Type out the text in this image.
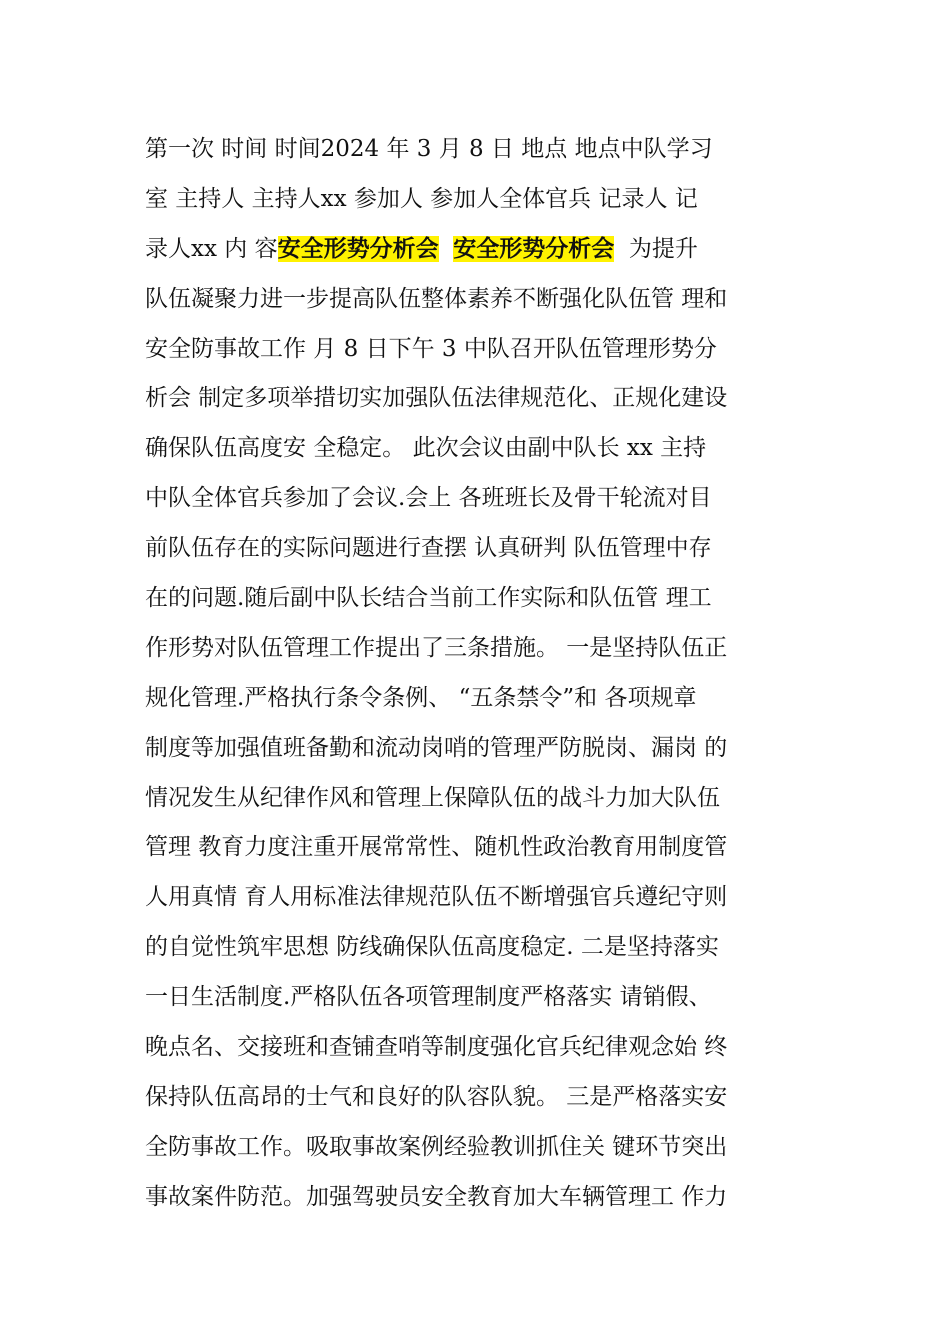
第一次 时间 时间2024 年 3 月 8 日 地点 地点中队学习
室 主持人 主持人xx 参加人 参加人全体官兵 记录人 记
录人xx 内 容安全形势分析会 安全形势分析会  为提升
队伍凝聚力进一步提高队伍整体素养不断强化队伍管 理和
安全防事故工作 月 8 日下午 3 中队召开队伍管理形势分
析会 制定多项举措切实加强队伍法律规范化、正规化建设
确保队伍高度安 全稳定。 此次会议由副中队长 xx 主持
中队全体官兵参加了会议.会上 各班班长及骨干轮流对目
前队伍存在的实际问题进行查摆 认真研判 队伍管理中存
在的问题.随后副中队长结合当前工作实际和队伍管 理工
作形势对队伍管理工作提出了三条措施。 一是坚持队伍正
规化管理.严格执行条令条例、 “五条禁令”和 各项规章
制度等加强值班备勤和流动岗哨的管理严防脱岗、漏岗 的
情况发生从纪律作风和管理上保障队伍的战斗力加大队伍
管理 教育力度注重开展常常性、随机性政治教育用制度管
人用真情 育人用标准法律规范队伍不断增强官兵遵纪守则
的自觉性筑牢思想 防线确保队伍高度稳定. 二是坚持落实
一日生活制度.严格队伍各项管理制度严格落实 请销假、
晚点名、交接班和查铺查哨等制度强化官兵纪律观念始 终
保持队伍高昂的士气和良好的队容队貌。 三是严格落实安
全防事故工作。吸取事故案例经验教训抓住关 键环节突出
事故案件防范。加强驾驶员安全教育加大车辆管理工 作力
